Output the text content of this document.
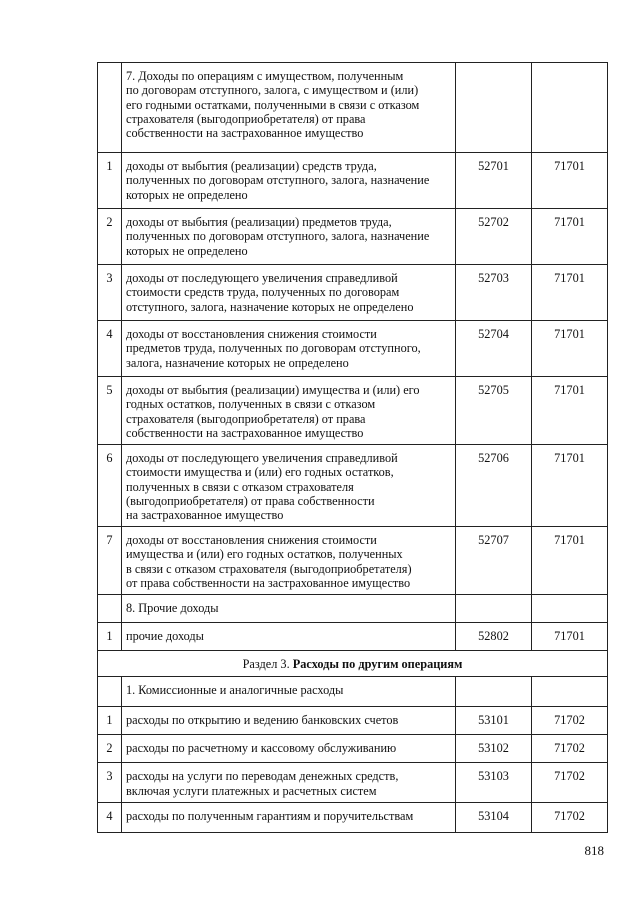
	7. Доходы по операциям с имуществом, полученным
по договорам отступного, залога, с имуществом и (или)
его годными остатками, полученными в связи с отказом
страхователя (выгодоприобретателя) от права
собственности на застрахованное имущество		
1	доходы от выбытия (реализации) средств труда,
полученных по договорам отступного, залога, назначение
которых не определено	52701	71701
2	доходы от выбытия (реализации) предметов труда,
полученных по договорам отступного, залога, назначение
которых не определено	52702	71701
3	доходы от последующего увеличения справедливой
стоимости средств труда, полученных по договорам
отступного, залога, назначение которых не определено	52703	71701
4	доходы от восстановления снижения стоимости
предметов труда, полученных по договорам отступного,
залога, назначение которых не определено	52704	71701
5	доходы от выбытия (реализации) имущества и (или) его
годных остатков, полученных в связи с отказом
страхователя (выгодоприобретателя) от права
собственности на застрахованное имущество	52705	71701
6	доходы от последующего увеличения справедливой
стоимости имущества и (или) его годных остатков,
полученных в связи с отказом страхователя
(выгодоприобретателя) от права собственности
на застрахованное имущество	52706	71701
7	доходы от восстановления снижения стоимости
имущества и (или) его годных остатков, полученных
в связи с отказом страхователя (выгодоприобретателя)
от права собственности на застрахованное имущество	52707	71701
	8. Прочие доходы		
1	прочие доходы	52802	71701
Раздел 3. Расходы по другим операциям			
	1. Комиссионные и аналогичные расходы		
1	расходы по открытию и ведению банковских счетов	53101	71702
2	расходы по расчетному и кассовому обслуживанию	53102	71702
3	расходы на услуги по переводам денежных средств,
включая услуги платежных и расчетных систем	53103	71702
4	расходы по полученным гарантиям и поручительствам	53104	71702
818
